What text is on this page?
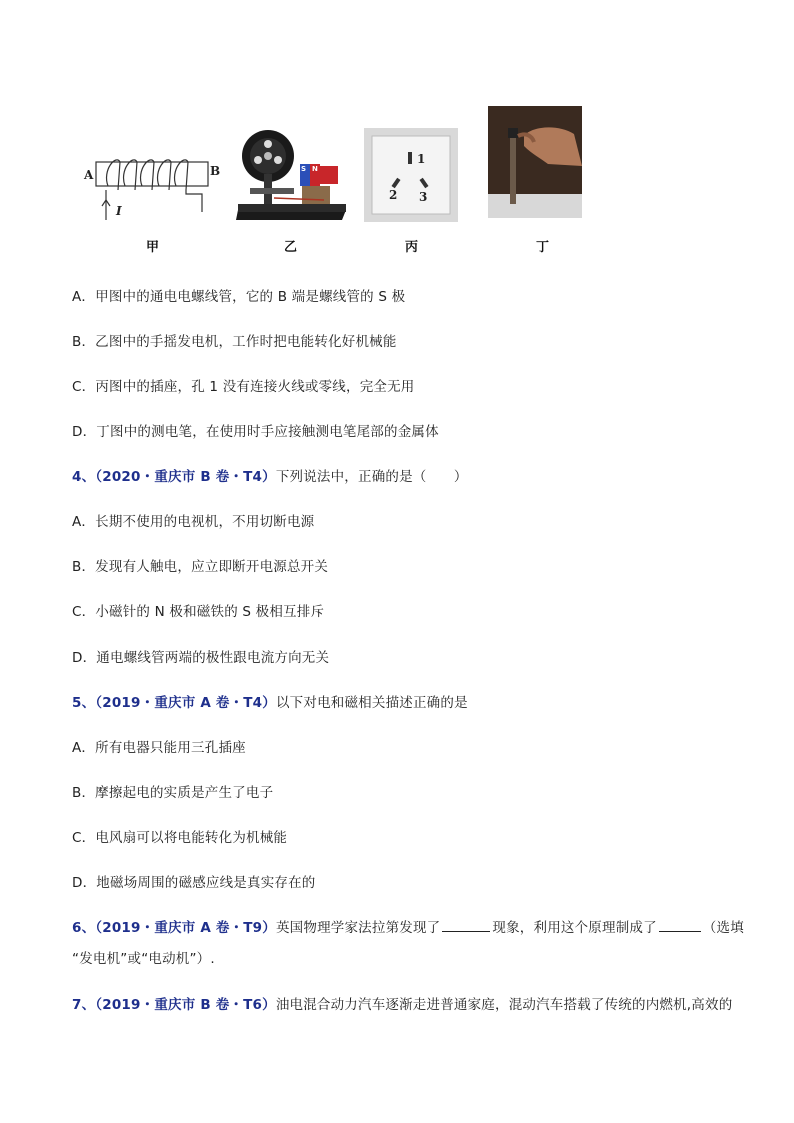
A	B
I
甲
S N
乙
1
2 3
丙	丁
A．甲图中的通电电螺线管，它的 B 端是螺线管的 S 极
B．乙图中的手摇发电机，工作时把电能转化好机械能
C．丙图中的插座，孔 1 没有连接火线或零线，完全无用
D．丁图中的测电笔，在使用时手应接触测电笔尾部的金属体
4、（2020・重庆市 B 卷・T4）下列说法中，正确的是（　　）
A．长期不使用的电视机，不用切断电源
B．发现有人触电，应立即断开电源总开关
C．小磁针的 N 极和磁铁的 S 极相互排斥
D．通电螺线管两端的极性跟电流方向无关
5、（2019・重庆市 A 卷・T4）以下对电和磁相关描述正确的是
A．所有电器只能用三孔插座
B．摩擦起电的实质是产生了电子
C．电风扇可以将电能转化为机械能
D．地磁场周围的磁感应线是真实存在的
6、（2019・重庆市 A 卷・T9）英国物理学家法拉第发现了	现象，利用这个原理制成了	（选填
“发电机”或“电动机”）.
7、（2019・重庆市 B 卷・T6）油电混合动力汽车逐渐走进普通家庭，混动汽车搭载了传统的内燃机,高效的
